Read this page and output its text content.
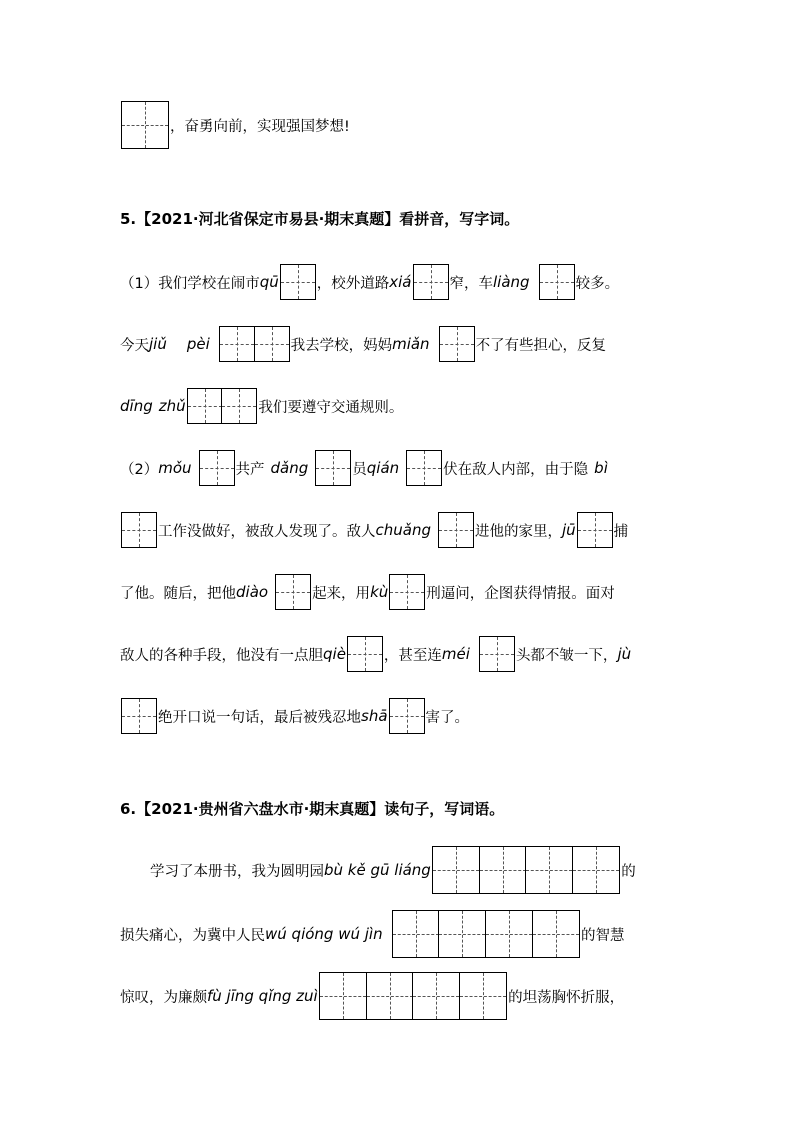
，奋勇向前，实现强国梦想!
5.【2021·河北省保定市易县·期末真题】看拼音，写字词。
（1）我们学校在闹市 qū	，校外道路 xiá	窄，车 liàng	较多。
今天 jiǔ pèi	我去学校，妈妈 miǎn	不了有些担心，反复
dīng zhǔ	我们要遵守交通规则。
（2） mǒu	共产 dǎng	员 qián	伏在敌人内部，由于隐 bì
工作没做好，被敌人发现了。敌人 chuǎng	进他的家里， jū	捕
了他。随后，把他 diào	起来，用 kù	刑逼问，企图获得情报。面对
敌人的各种手段，他没有一点胆 qiè	，甚至连 méi	头都不皱一下， jù
绝开口说一句话，最后被残忍地 shā	害了。
6.【2021·贵州省六盘水市·期末真题】读句子，写词语。
学习了本册书，我为圆明园 bù kě gū liáng	的
损失痛心，为冀中人民 wú qióng wú jìn	的智慧
惊叹，为廉颇 fù jīng qǐng zuì	的坦荡胸怀折服，
